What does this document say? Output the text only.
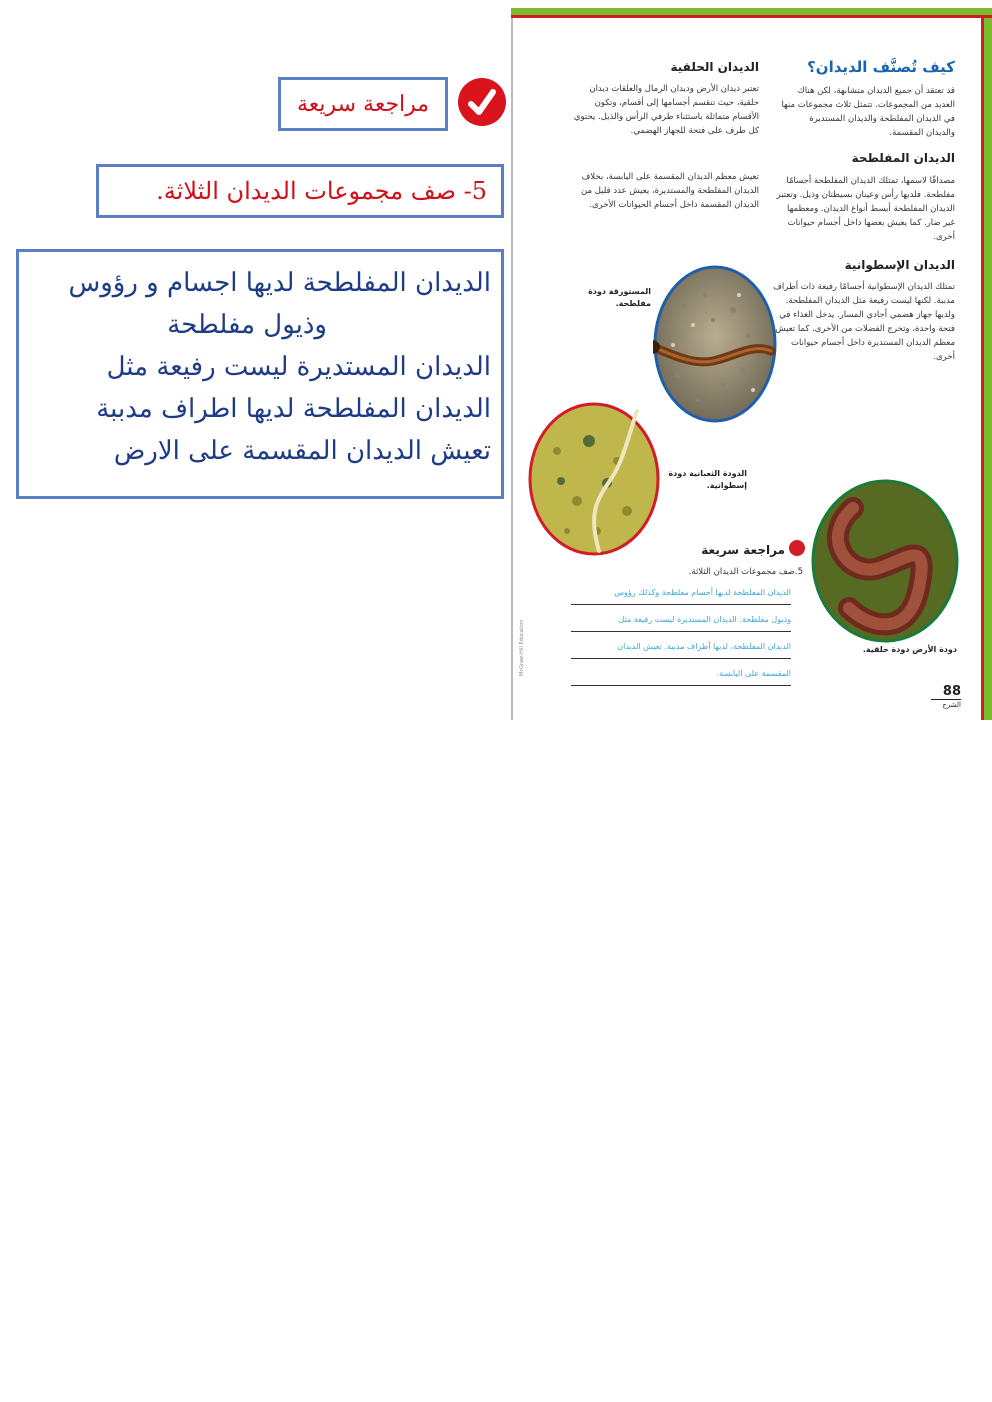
مراجعة سريعة
5- صف مجموعات الديدان الثلاثة.
الديدان المفلطحة لديها اجسام و رؤوس
وذيول مفلطحة
الديدان المستديرة ليست رفيعة مثل
الديدان المفلطحة لديها اطراف مدببة
تعيش الديدان المقسمة على الارض
كيف تُصنَّف الديدان؟
قد تعتقد أن جميع الديدان متشابهة، لكن هناك العديد من المجموعات. تتمثل ثلاث مجموعات منها في الديدان المفلطحة والديدان المستديرة والديدان المقسمة.
الديدان المفلطحة
مصداقًا لاسمها، تمتلك الديدان المفلطحة أجسامًا مفلطحة. فلديها رأس وعينان بسيطتان وذيل. وتعتبر الديدان المفلطحة أبسط أنواع الديدان. ومعظمها غير ضار. كما يعيش بعضها داخل أجسام حيوانات أخرى.
الديدان الإسطوانية
تمتلك الديدان الإسطوانية أجسامًا رفيعة ذات أطراف مدببة. لكنها ليست رفيعة مثل الديدان المفلطحة. ولديها جهاز هضمي أحادي المسار. يدخل الغذاء في فتحة واحدة، وتخرج الفضلات من الأخرى. كما تعيش معظم الديدان المستديرة داخل أجسام حيوانات أخرى.
الديدان الحلقية
تعتبر ديدان الأرض وديدان الرمال والعلقات ديدان حلقية، حيث تنقسم أجسامها إلى أقسام، وتكون الأقسام متماثلة باستثناء طرفي الرأس والذيل. يحتوي كل طرف على فتحة للجهاز الهضمي.
تعيش معظم الديدان المقسمة على اليابسة، بخلاف الديدان المفلطحة والمستديرة، يعيش عدد قليل من الديدان المقسمة داخل أجسام الحيوانات الأخرى.
المستورقة دودة مفلطحة.
الدودة الثعبانية دودة إسطوانية.
دودة الأرض دودة حلقية.
مراجعة سريعة
5.صف مجموعات الديدان الثلاثة.
الديدان المفلطحة لديها أجسام مفلطحة وكذلك رؤوس
وذيول مفلطحة. الديدان المستديرة ليست رفيعة مثل
الديدان المفلطحة، لديها أطراف مدببة. تعيش الديدان
المقسمة على اليابسة.
88
الشرح
McGraw-Hill Education
